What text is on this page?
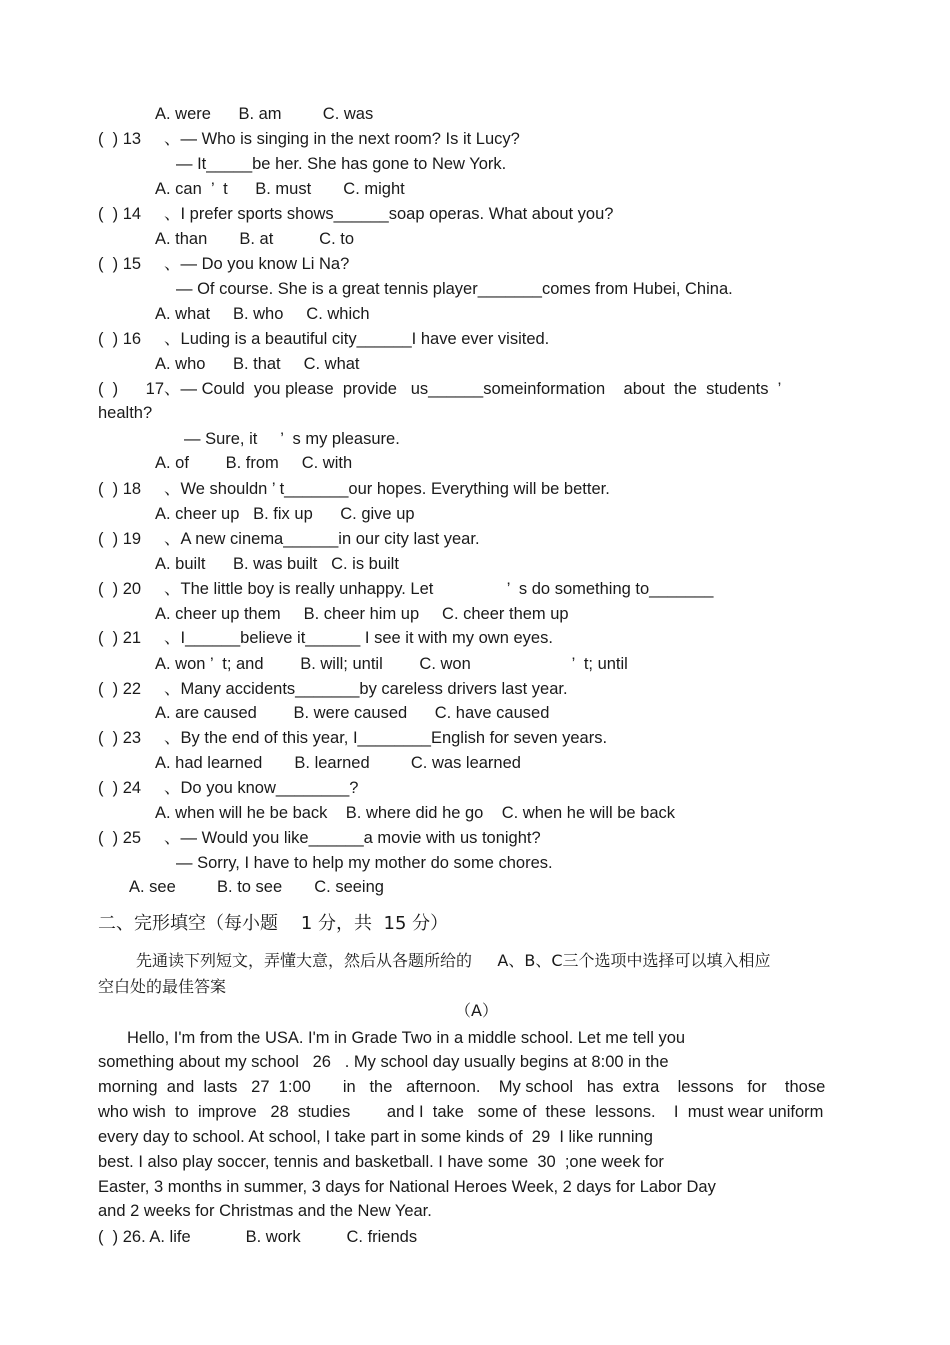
A. were      B. am         C. was
(  ) 13     、— Who is singing in the next room? Is it Lucy?
— It_____be her. She has gone to New York.
A. can  ’  t      B. must       C. might
(  ) 14     、I prefer sports shows______soap operas. What about you?
A. than       B. at          C. to
(  ) 15     、— Do you know Li Na?
— Of course. She is a great tennis player_______comes from Hubei, China.
A. what     B. who     C. which
(  ) 16     、Luding is a beautiful city______I have ever visited.
A. who      B. that     C. what
(  )      17、— Could  you please  provide   us______someinformation    about  the  students  ’
health?
— Sure, it     ’  s my pleasure.
A. of        B. from     C. with
(  ) 18     、We shouldn ’ t_______our hopes. Everything will be better.
A. cheer up   B. fix up      C. give up
(  ) 19     、A new cinema______in our city last year.
A. built      B. was built   C. is built
(  ) 20     、The little boy is really unhappy. Let                ’  s do something to_______
A. cheer up them     B. cheer him up     C. cheer them up
(  ) 21     、I______believe it______ I see it with my own eyes.
A. won ’  t; and        B. will; until        C. won                      ’  t; until
(  ) 22     、Many accidents_______by careless drivers last year.
A. are caused        B. were caused      C. have caused
(  ) 23     、By the end of this year, I________English for seven years.
A. had learned       B. learned         C. was learned
(  ) 24     、Do you know________?
A. when will he be back    B. where did he go    C. when he will be back
(  ) 25     、— Would you like______a movie with us tonight?
— Sorry, I have to help my mother do some chores.
A. see         B. to see       C. seeing
二、完形填空（每小题    1 分，共  15 分）
先通读下列短文，弄懂大意，然后从各题所给的     A、B、C三个选项中选择可以填入相应
空白处的最佳答案
（A）
Hello, I'm from the USA. I'm in Grade Two in a middle school. Let me tell you
something about my school   26   . My school day usually begins at 8:00 in the
morning  and  lasts   27  1:00       in   the   afternoon.    My school   has  extra    lessons   for    those
who wish  to  improve   28  studies        and I  take   some of  these  lessons.    I  must wear uniform
every day to school. At school, I take part in some kinds of  29  I like running
best. I also play soccer, tennis and basketball. I have some  30  ;one week for
Easter, 3 months in summer, 3 days for National Heroes Week, 2 days for Labor Day
and 2 weeks for Christmas and the New Year.
(  ) 26. A. life            B. work          C. friends
